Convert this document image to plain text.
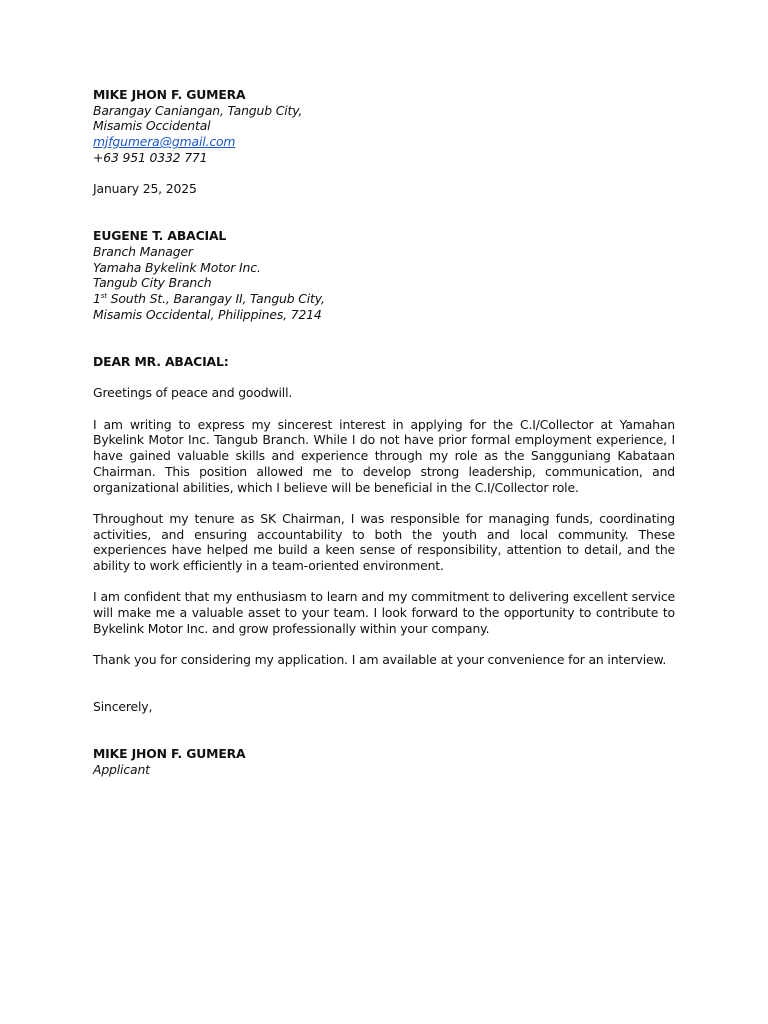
MIKE JHON F. GUMERA
Barangay Caniangan, Tangub City,
Misamis Occidental
mjfgumera@gmail.com
+63 951 0332 771
January 25, 2025
EUGENE T. ABACIAL
Branch Manager
Yamaha Bykelink Motor Inc.
Tangub City Branch
1st South St., Barangay II, Tangub City,
Misamis Occidental, Philippines, 7214
DEAR MR. ABACIAL:

Greetings of peace and goodwill.

I am writing to express my sincerest interest in applying for the C.I/Collector at Yamahan Bykelink Motor Inc. Tangub Branch. While I do not have prior formal employment experience, I have gained valuable skills and experience through my role as the Sangguniang Kabataan Chairman. This position allowed me to develop strong leadership, communication, and organizational abilities, which I believe will be beneficial in the C.I/Collector role.

Throughout my tenure as SK Chairman, I was responsible for managing funds, coordinating activities, and ensuring accountability to both the youth and local community. These experiences have helped me build a keen sense of responsibility, attention to detail, and the ability to work efficiently in a team-oriented environment.

I am confident that my enthusiasm to learn and my commitment to delivering excellent service will make me a valuable asset to your team. I look forward to the opportunity to contribute to Bykelink Motor Inc. and grow professionally within your company.

Thank you for considering my application. I am available at your convenience for an interview.

Sincerely,
MIKE JHON F. GUMERA
Applicant
